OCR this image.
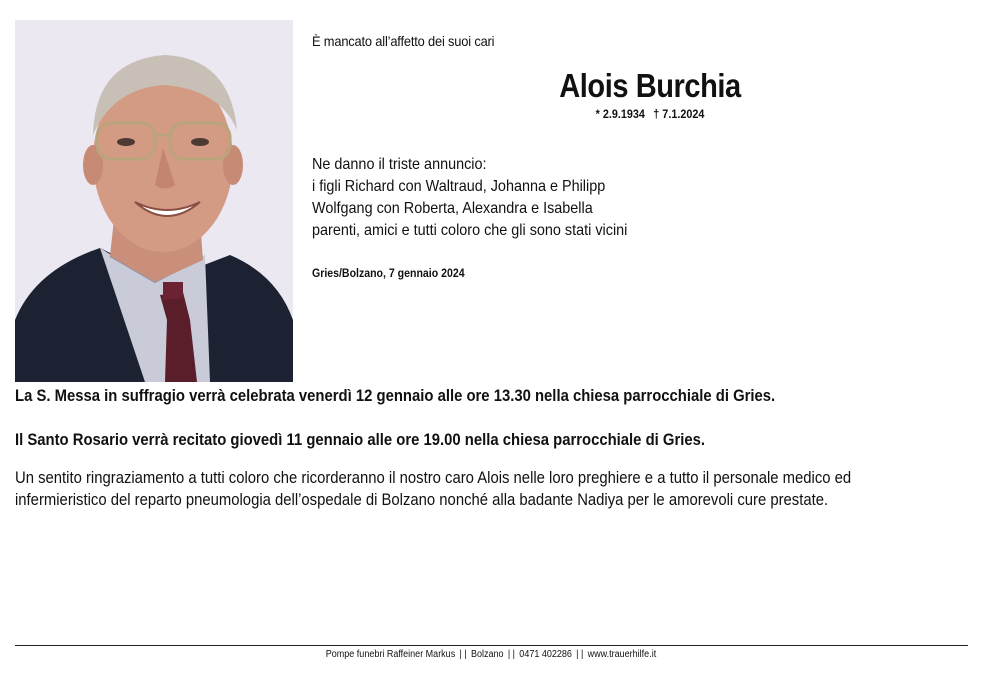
È mancato all’affetto dei suoi cari
Alois Burchia
* 2.9.1934 † 7.1.2024
Ne danno il triste annuncio:
i figli Richard con Waltraud, Johanna e Philipp
Wolfgang con Roberta, Alexandra e Isabella
parenti, amici e tutti coloro che gli sono stati vicini
Gries/Bolzano, 7 gennaio 2024
La S. Messa in suffragio verrà celebrata venerdì 12 gennaio alle ore 13.30 nella chiesa parrocchiale di Gries.
Il Santo Rosario verrà recitato giovedì 11 gennaio alle ore 19.00 nella chiesa parrocchiale di Gries.
Un sentito ringraziamento a tutti coloro che ricorderanno il nostro caro Alois nelle loro preghiere e a tutto il personale medico ed
infermieristico del reparto pneumologia dell’ospedale di Bolzano nonché alla badante Nadiya per le amorevoli cure prestate.
Pompe funebri Raffeiner Markus | | Bolzano | | 0471 402286 | | www.trauerhilfe.it
